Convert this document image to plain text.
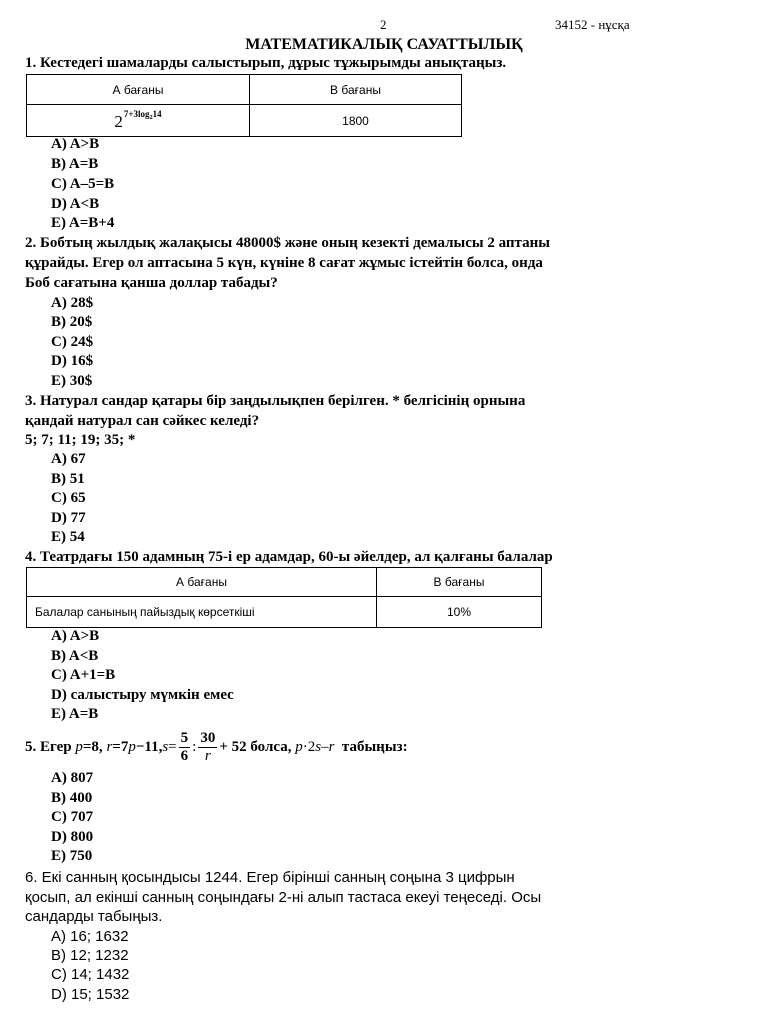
2	34152 - нұсқа
МАТЕМАТИКАЛЫҚ САУАТТЫЛЫҚ
1. Кестедегі шамаларды салыстырып, дұрыс тұжырымды анықтаңыз.
А бағаны	В бағаны
$2^{7+3log_214}$	1800
A) A>B
B) A=B
C) A–5=B
D) A<B
E) A=B+4
2. Бобтың жылдық жалақысы 48000$ және оның кезекті демалысы 2 аптаны
құрайды. Егер ол аптасына 5 күн, күніне 8 сағат жұмыс істейтін болса, онда
Боб сағатына қанша доллар табады?
A) 28$
B) 20$
C) 24$
D) 16$
E) 30$
3. Натурал сандар қатары бір заңдылықпен берілген. * белгісінің орнына
қандай натурал сан сәйкес келеді?
5; 7; 11; 19; 35; *
A) 67
B) 51
C) 65
D) 77
E) 54
4. Театрдағы 150 адамның 75-і ер адамдар, 60-ы әйелдер, ал қалғаны балалар
А бағаны	В бағаны
Балалар санының пайыздық көрсеткіші	10%
A) A>B
B) A<B
C) A+1=B
D) салыстыру мүмкін емес
E) A=B
5. Егер
p =8,
r =7 p −11, $s = \frac{5}{6}$ : $\frac{30}{r} + 52$ болса,
p ·2 s – r
табыңыз:
A) 807
B) 400
C) 707
D) 800
E) 750
6. Екі санның қосындысы 1244. Егер бірінші санның соңына 3 цифрын
қосып, ал екінші санның соңындағы 2-ні алып тастаса екеуі теңеседі. Осы
сандарды табыңыз.
A) 16; 1632
B) 12; 1232
C) 14; 1432
D) 15; 1532
